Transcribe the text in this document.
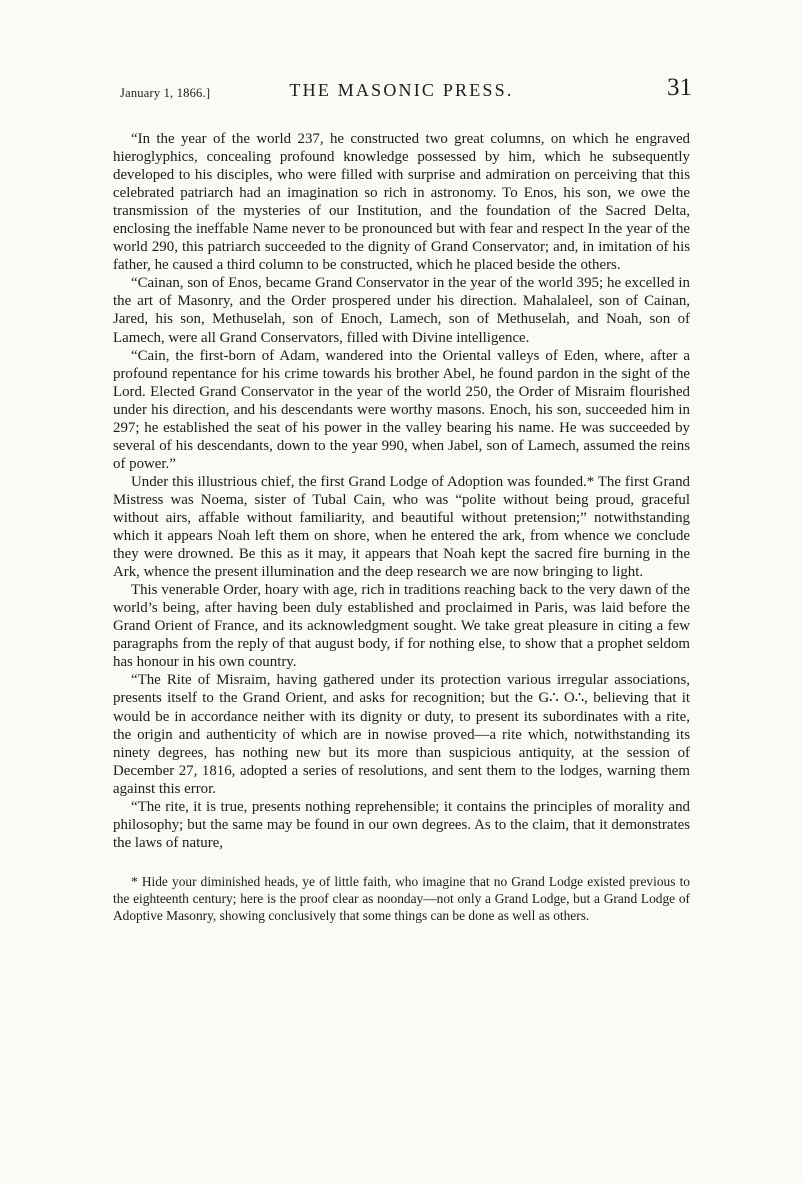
January 1, 1866.]	THE MASONIC PRESS.	31

“In the year of the world 237, he constructed two great columns, on which he engraved hieroglyphics, concealing profound knowledge possessed by him, which he subsequently developed to his disciples, who were filled with surprise and admiration on perceiving that this celebrated patriarch had an imagination so rich in astronomy. To Enos, his son, we owe the transmission of the mysteries of our Institution, and the foundation of the Sacred Delta, enclosing the ineffable Name never to be pronounced but with fear and respect In the year of the world 290, this patriarch succeeded to the dignity of Grand Conservator; and, in imitation of his father, he caused a third column to be constructed, which he placed beside the others.

“Cainan, son of Enos, became Grand Conservator in the year of the world 395; he excelled in the art of Masonry, and the Order prospered under his direction. Mahalaleel, son of Cainan, Jared, his son, Methuselah, son of Enoch, Lamech, son of Methuselah, and Noah, son of Lamech, were all Grand Conservators, filled with Divine intelligence.

“Cain, the first-born of Adam, wandered into the Oriental valleys of Eden, where, after a profound repentance for his crime towards his brother Abel, he found pardon in the sight of the Lord. Elected Grand Conservator in the year of the world 250, the Order of Misraim flourished under his direction, and his descendants were worthy masons. Enoch, his son, succeeded him in 297; he established the seat of his power in the valley bearing his name. He was succeeded by several of his descendants, down to the year 990, when Jabel, son of Lamech, assumed the reins of power.”

Under this illustrious chief, the first Grand Lodge of Adoption was founded.* The first Grand Mistress was Noema, sister of Tubal Cain, who was “polite without being proud, graceful without airs, affable without familiarity, and beautiful without pretension;” notwithstanding which it appears Noah left them on shore, when he entered the ark, from whence we conclude they were drowned. Be this as it may, it appears that Noah kept the sacred fire burning in the Ark, whence the present illumination and the deep research we are now bringing to light.

This venerable Order, hoary with age, rich in traditions reaching back to the very dawn of the world’s being, after having been duly established and proclaimed in Paris, was laid before the Grand Orient of France, and its acknowledgment sought. We take great pleasure in citing a few paragraphs from the reply of that august body, if for nothing else, to show that a prophet seldom has honour in his own country.

“The Rite of Misraim, having gathered under its protection various irregular associations, presents itself to the Grand Orient, and asks for recognition; but the G∴ O∴, believing that it would be in accordance neither with its dignity or duty, to present its subordinates with a rite, the origin and authenticity of which are in nowise proved—a rite which, notwithstanding its ninety degrees, has nothing new but its more than suspicious antiquity, at the session of December 27, 1816, adopted a series of resolutions, and sent them to the lodges, warning them against this error.

“The rite, it is true, presents nothing reprehensible; it contains the principles of morality and philosophy; but the same may be found in our own degrees. As to the claim, that it demonstrates the laws of nature,

* Hide your diminished heads, ye of little faith, who imagine that no Grand Lodge existed previous to the eighteenth century; here is the proof clear as noonday—not only a Grand Lodge, but a Grand Lodge of Adoptive Masonry, showing conclusively that some things can be done as well as others.
